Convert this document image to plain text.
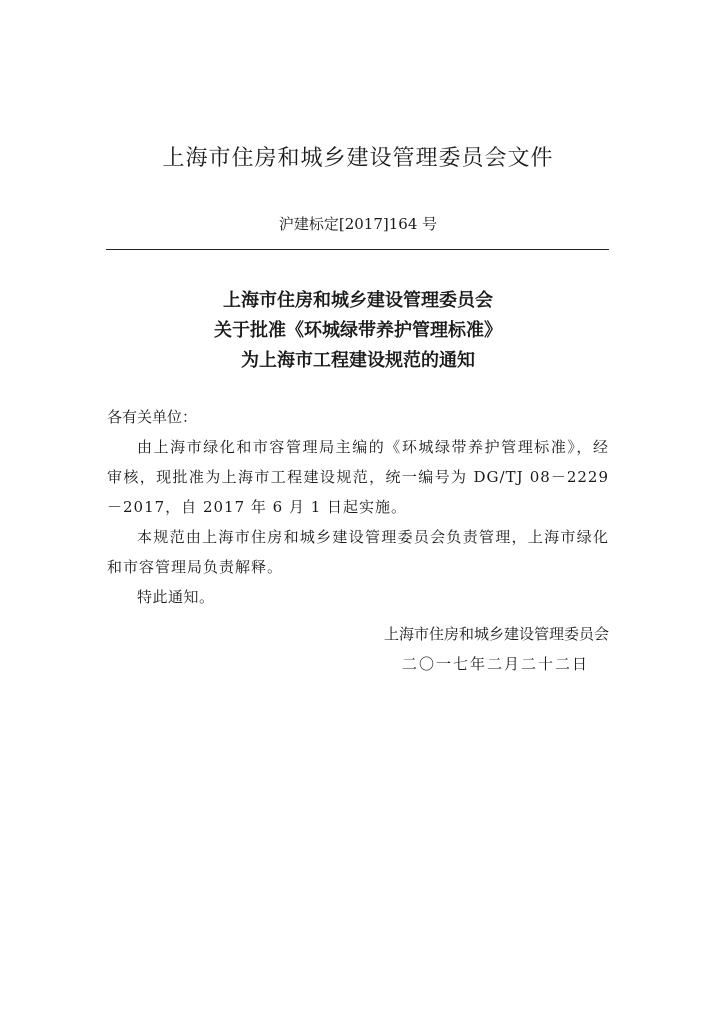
上海市住房和城乡建设管理委员会文件
沪建标定[2017]164 号
上海市住房和城乡建设管理委员会
关于批准《环城绿带养护管理标准》
为上海市工程建设规范的通知
各有关单位：
由上海市绿化和市容管理局主编的《环城绿带养护管理标准》，经审核，现批准为上海市工程建设规范，统一编号为 DG/TJ 08－2229－2017，自 2017 年 6 月 1 日起实施。
本规范由上海市住房和城乡建设管理委员会负责管理，上海市绿化和市容管理局负责解释。
特此通知。
上海市住房和城乡建设管理委员会
二〇一七年二月二十二日
